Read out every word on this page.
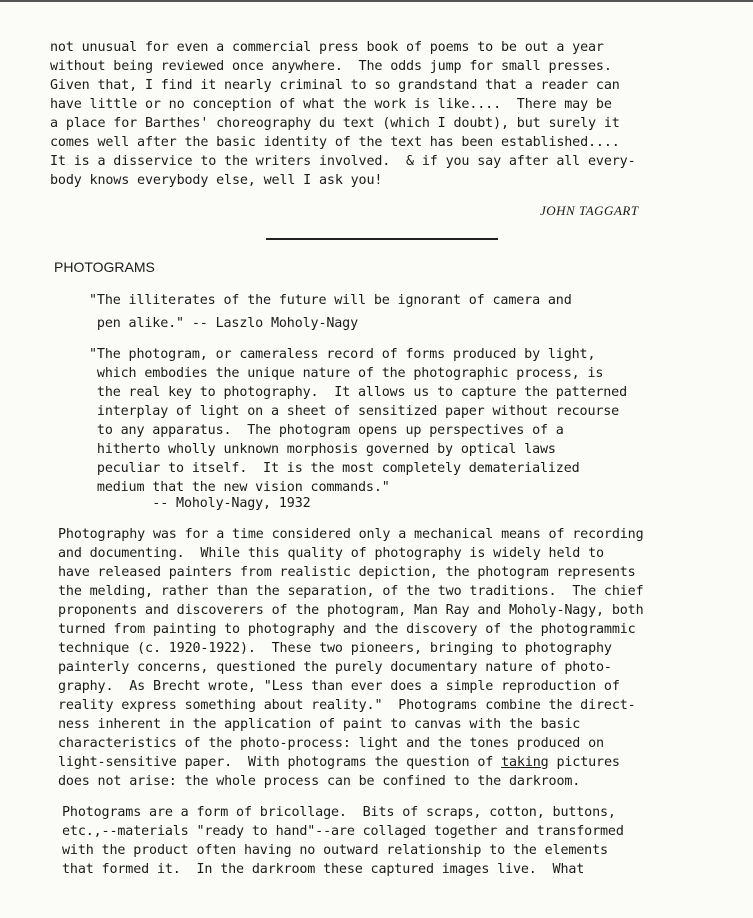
not unusual for even a commercial press book of poems to be out a year
without being reviewed once anywhere.  The odds jump for small presses.
Given that, I find it nearly criminal to so grandstand that a reader can
have little or no conception of what the work is like....  There may be
a place for Barthes' choreography du text (which I doubt), but surely it
comes well after the basic identity of the text has been established....
It is a disservice to the writers involved.  & if you say after all every-
body knows everybody else, well I ask you!
JOHN TAGGART
PHOTOGRAMS
"The illiterates of the future will be ignorant of camera and
pen alike." -- Laszlo Moholy-Nagy
"The photogram, or cameraless record of forms produced by light,
which embodies the unique nature of the photographic process, is
the real key to photography.  It allows us to capture the patterned
interplay of light on a sheet of sensitized paper without recourse
to any apparatus.  The photogram opens up perspectives of a
hitherto wholly unknown morphosis governed by optical laws
peculiar to itself.  It is the most completely dematerialized
medium that the new vision commands."
-- Moholy-Nagy, 1932
Photography was for a time considered only a mechanical means of recording
and documenting.  While this quality of photography is widely held to
have released painters from realistic depiction, the photogram represents
the melding, rather than the separation, of the two traditions.  The chief
proponents and discoverers of the photogram, Man Ray and Moholy-Nagy, both
turned from painting to photography and the discovery of the photogrammic
technique (c. 1920-1922).  These two pioneers, bringing to photography
painterly concerns, questioned the purely documentary nature of photo-
graphy.  As Brecht wrote, "Less than ever does a simple reproduction of
reality express something about reality."  Photograms combine the direct-
ness inherent in the application of paint to canvas with the basic
characteristics of the photo-process: light and the tones produced on
light-sensitive paper.  With photograms the question of taking pictures
does not arise: the whole process can be confined to the darkroom.
Photograms are a form of bricollage.  Bits of scraps, cotton, buttons,
etc.,--materials "ready to hand"--are collaged together and transformed
with the product often having no outward relationship to the elements
that formed it.  In the darkroom these captured images live.  What
